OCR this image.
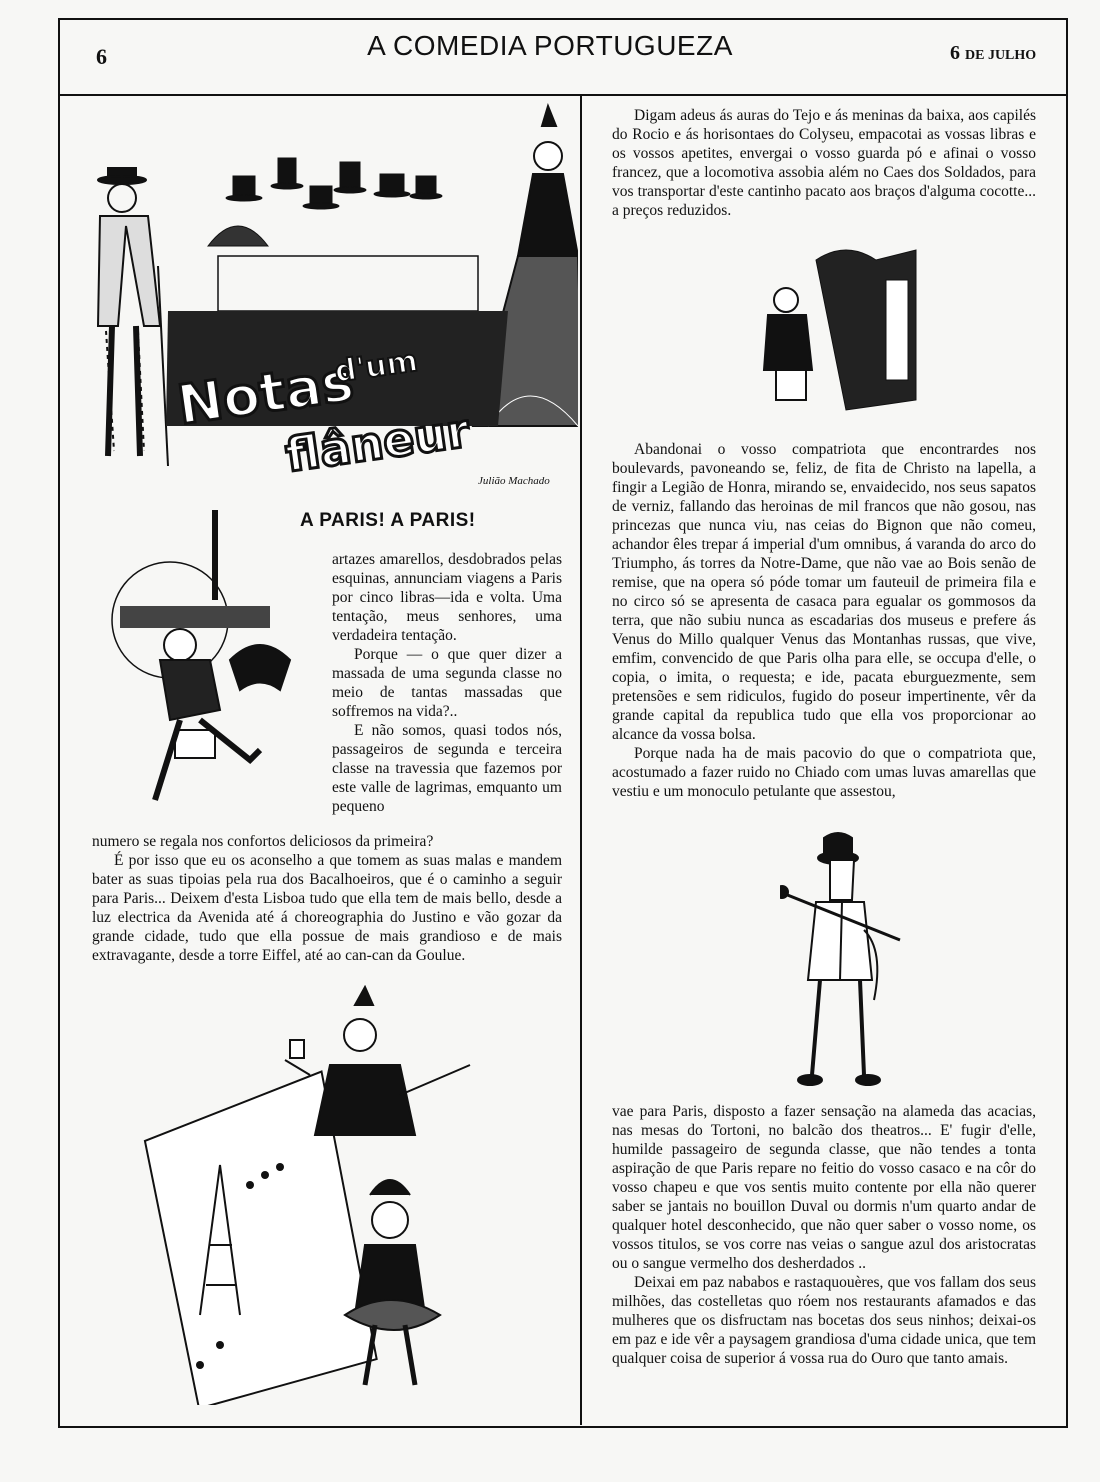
6	A COMEDIA PORTUGUEZA	6 DE JULHO
Notas
d'um
flâneur Julião Machado
A PARIS! A PARIS!

artazes amarellos, desdobrados pelas esquinas, annunciam viagens a Paris por cinco libras—ida e volta. Uma tentação, meus senhores, uma verdadeira tentação.

Porque — o que quer dizer a massada de uma segunda classe no meio de tantas massadas que soffremos na vida?..

E não somos, quasi todos nós, passageiros de segunda e terceira classe na travessia que fazemos por este valle de lagrimas, emquanto um pequeno

numero se regala nos confortos deliciosos da primeira?

É por isso que eu os aconselho a que tomem as suas malas e mandem bater as suas tipoias pela rua dos Bacalhoeiros, que é o caminho a seguir para Paris... Deixem d'esta Lisboa tudo que ella tem de mais bello, desde a luz electrica da Avenida até á choreographia do Justino e vão gozar da grande cidade, tudo que ella possue de mais grandioso e de mais extravagante, desde a torre Eiffel, até ao can-can da Goulue.

Digam adeus ás auras do Tejo e ás meninas da baixa, aos capilés do Rocio e ás horisontaes do Colyseu, empacotai as vossas libras e os vossos apetites, envergai o vosso guarda pó e afinai o vosso francez, que a locomotiva assobia além no Caes dos Soldados, para vos transportar d'este cantinho pacato aos braços d'alguma cocotte... a preços reduzidos.

Abandonai o vosso compatriota que encontrardes nos boulevards, pavoneando se, feliz, de fita de Christo na lapella, a fingir a Legião de Honra, mirando se, envaidecido, nos seus sapatos de verniz, fallando das heroinas de mil francos que não gosou, nas princezas que nunca viu, nas ceias do Bignon que não comeu, achandor êles trepar á imperial d'um omnibus, á varanda do arco do Triumpho, ás torres da Notre-Dame, que não vae ao Bois senão de remise, que na opera só póde tomar um fauteuil de primeira fila e no circo só se apresenta de casaca para egualar os gommosos da terra, que não subiu nunca as escadarias dos museus e prefere ás Venus do Millo qualquer Venus das Montanhas russas, que vive, emfim, convencido de que Paris olha para elle, se occupa d'elle, o copia, o imita, o requesta; e ide, pacata eburguezmente, sem pretensões e sem ridiculos, fugido do poseur impertinente, vêr da grande capital da republica tudo que ella vos proporcionar ao alcance da vossa bolsa.

Porque nada ha de mais pacovio do que o compatriota que, acostumado a fazer ruido no Chiado com umas luvas amarellas que vestiu e um monoculo petulante que assestou,

vae para Paris, disposto a fazer sensação na alameda das acacias, nas mesas do Tortoni, no balcão dos theatros... E' fugir d'elle, humilde passageiro de segunda classe, que não tendes a tonta aspiração de que Paris repare no feitio do vosso casaco e na côr do vosso chapeu e que vos sentis muito contente por ella não querer saber se jantais no bouillon Duval ou dormis n'um quarto andar de qualquer hotel desconhecido, que não quer saber o vosso nome, os vossos titulos, se vos corre nas veias o sangue azul dos aristocratas ou o sangue vermelho dos desherdados ..

Deixai em paz nababos e rastaquouères, que vos fallam dos seus milhões, das costelletas quo róem nos restaurants afamados e das mulheres que os disfructam nas bocetas dos seus ninhos; deixai-os em paz e ide vêr a paysagem grandiosa d'uma cidade unica, que tem qualquer coisa de superior á vossa rua do Ouro que tanto amais.
